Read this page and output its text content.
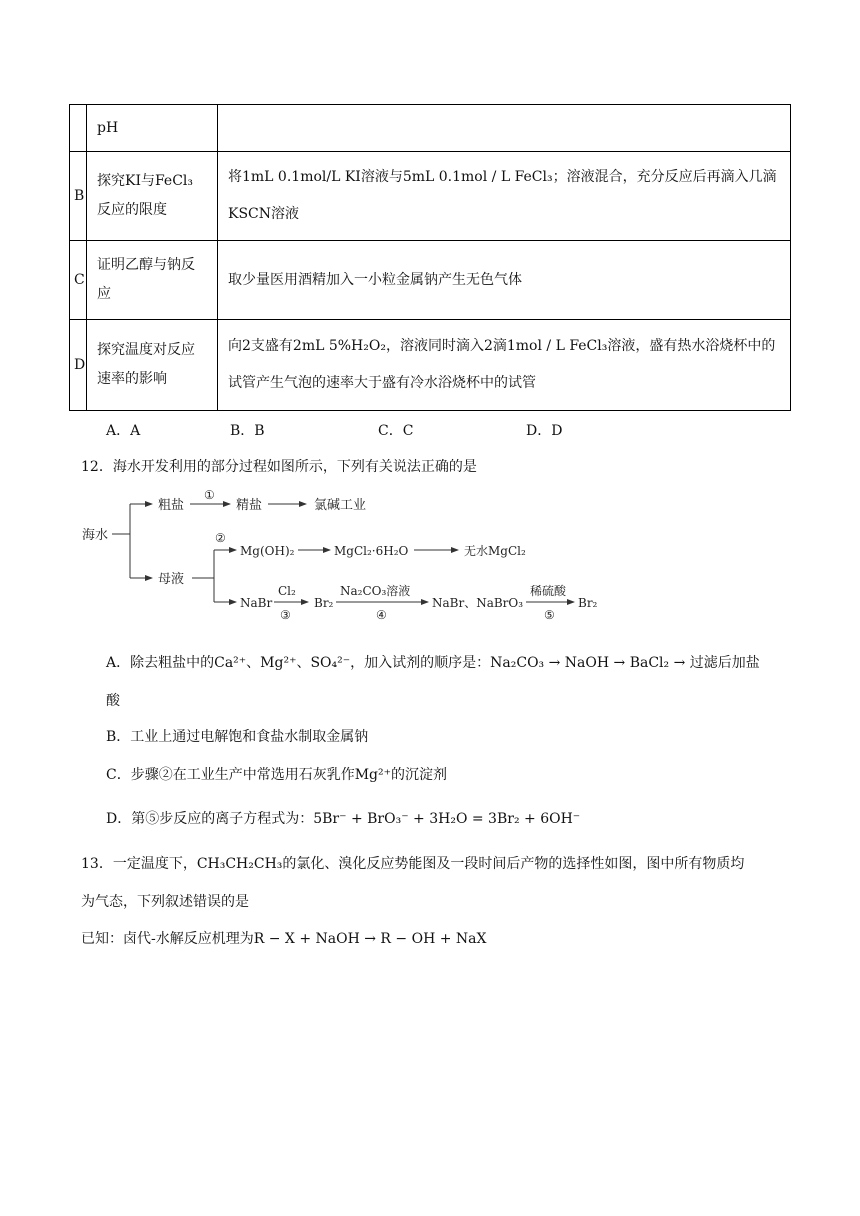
	pH	
B	探究KI与FeCl₃反应的限度	将1mL 0.1mol/L KI溶液与5mL 0.1mol / L FeCl₃；溶液混合，充分反应后再滴入几滴KSCN溶液
C	证明乙醇与钠反应	取少量医用酒精加入一小粒金属钠产生无色气体
D	探究温度对反应速率的影响	向2支盛有2mL 5%H₂O₂，溶液同时滴入2滴1mol / L FeCl₃溶液，盛有热水浴烧杯中的试管产生气泡的速率大于盛有冷水浴烧杯中的试管
A．A	B．B	C．C	D．D
12．海水开发利用的部分过程如图所示，下列有关说法正确的是
海水
粗盐
①
精盐	氯碱工业
母液
②
Mg(OH)₂	MgCl₂·6H₂O	无水MgCl₂
NaBr
Cl₂
③
Br₂
Na₂CO₃溶液
④
NaBr、NaBrO₃
稀硫酸
⑤
Br₂
A．除去粗盐中的Ca²⁺、Mg²⁺、SO₄²⁻，加入试剂的顺序是：Na₂CO₃ → NaOH → BaCl₂ → 过滤后加盐
酸
B．工业上通过电解饱和食盐水制取金属钠
C．步骤②在工业生产中常选用石灰乳作Mg²⁺的沉淀剂
D．第⑤步反应的离子方程式为：5Br⁻ + BrO₃⁻ + 3H₂O = 3Br₂ + 6OH⁻
13．一定温度下，CH₃CH₂CH₃的氯化、溴化反应势能图及一段时间后产物的选择性如图，图中所有物质均
为气态，下列叙述错误的是
已知：卤代-水解反应机理为R − X + NaOH → R − OH + NaX
